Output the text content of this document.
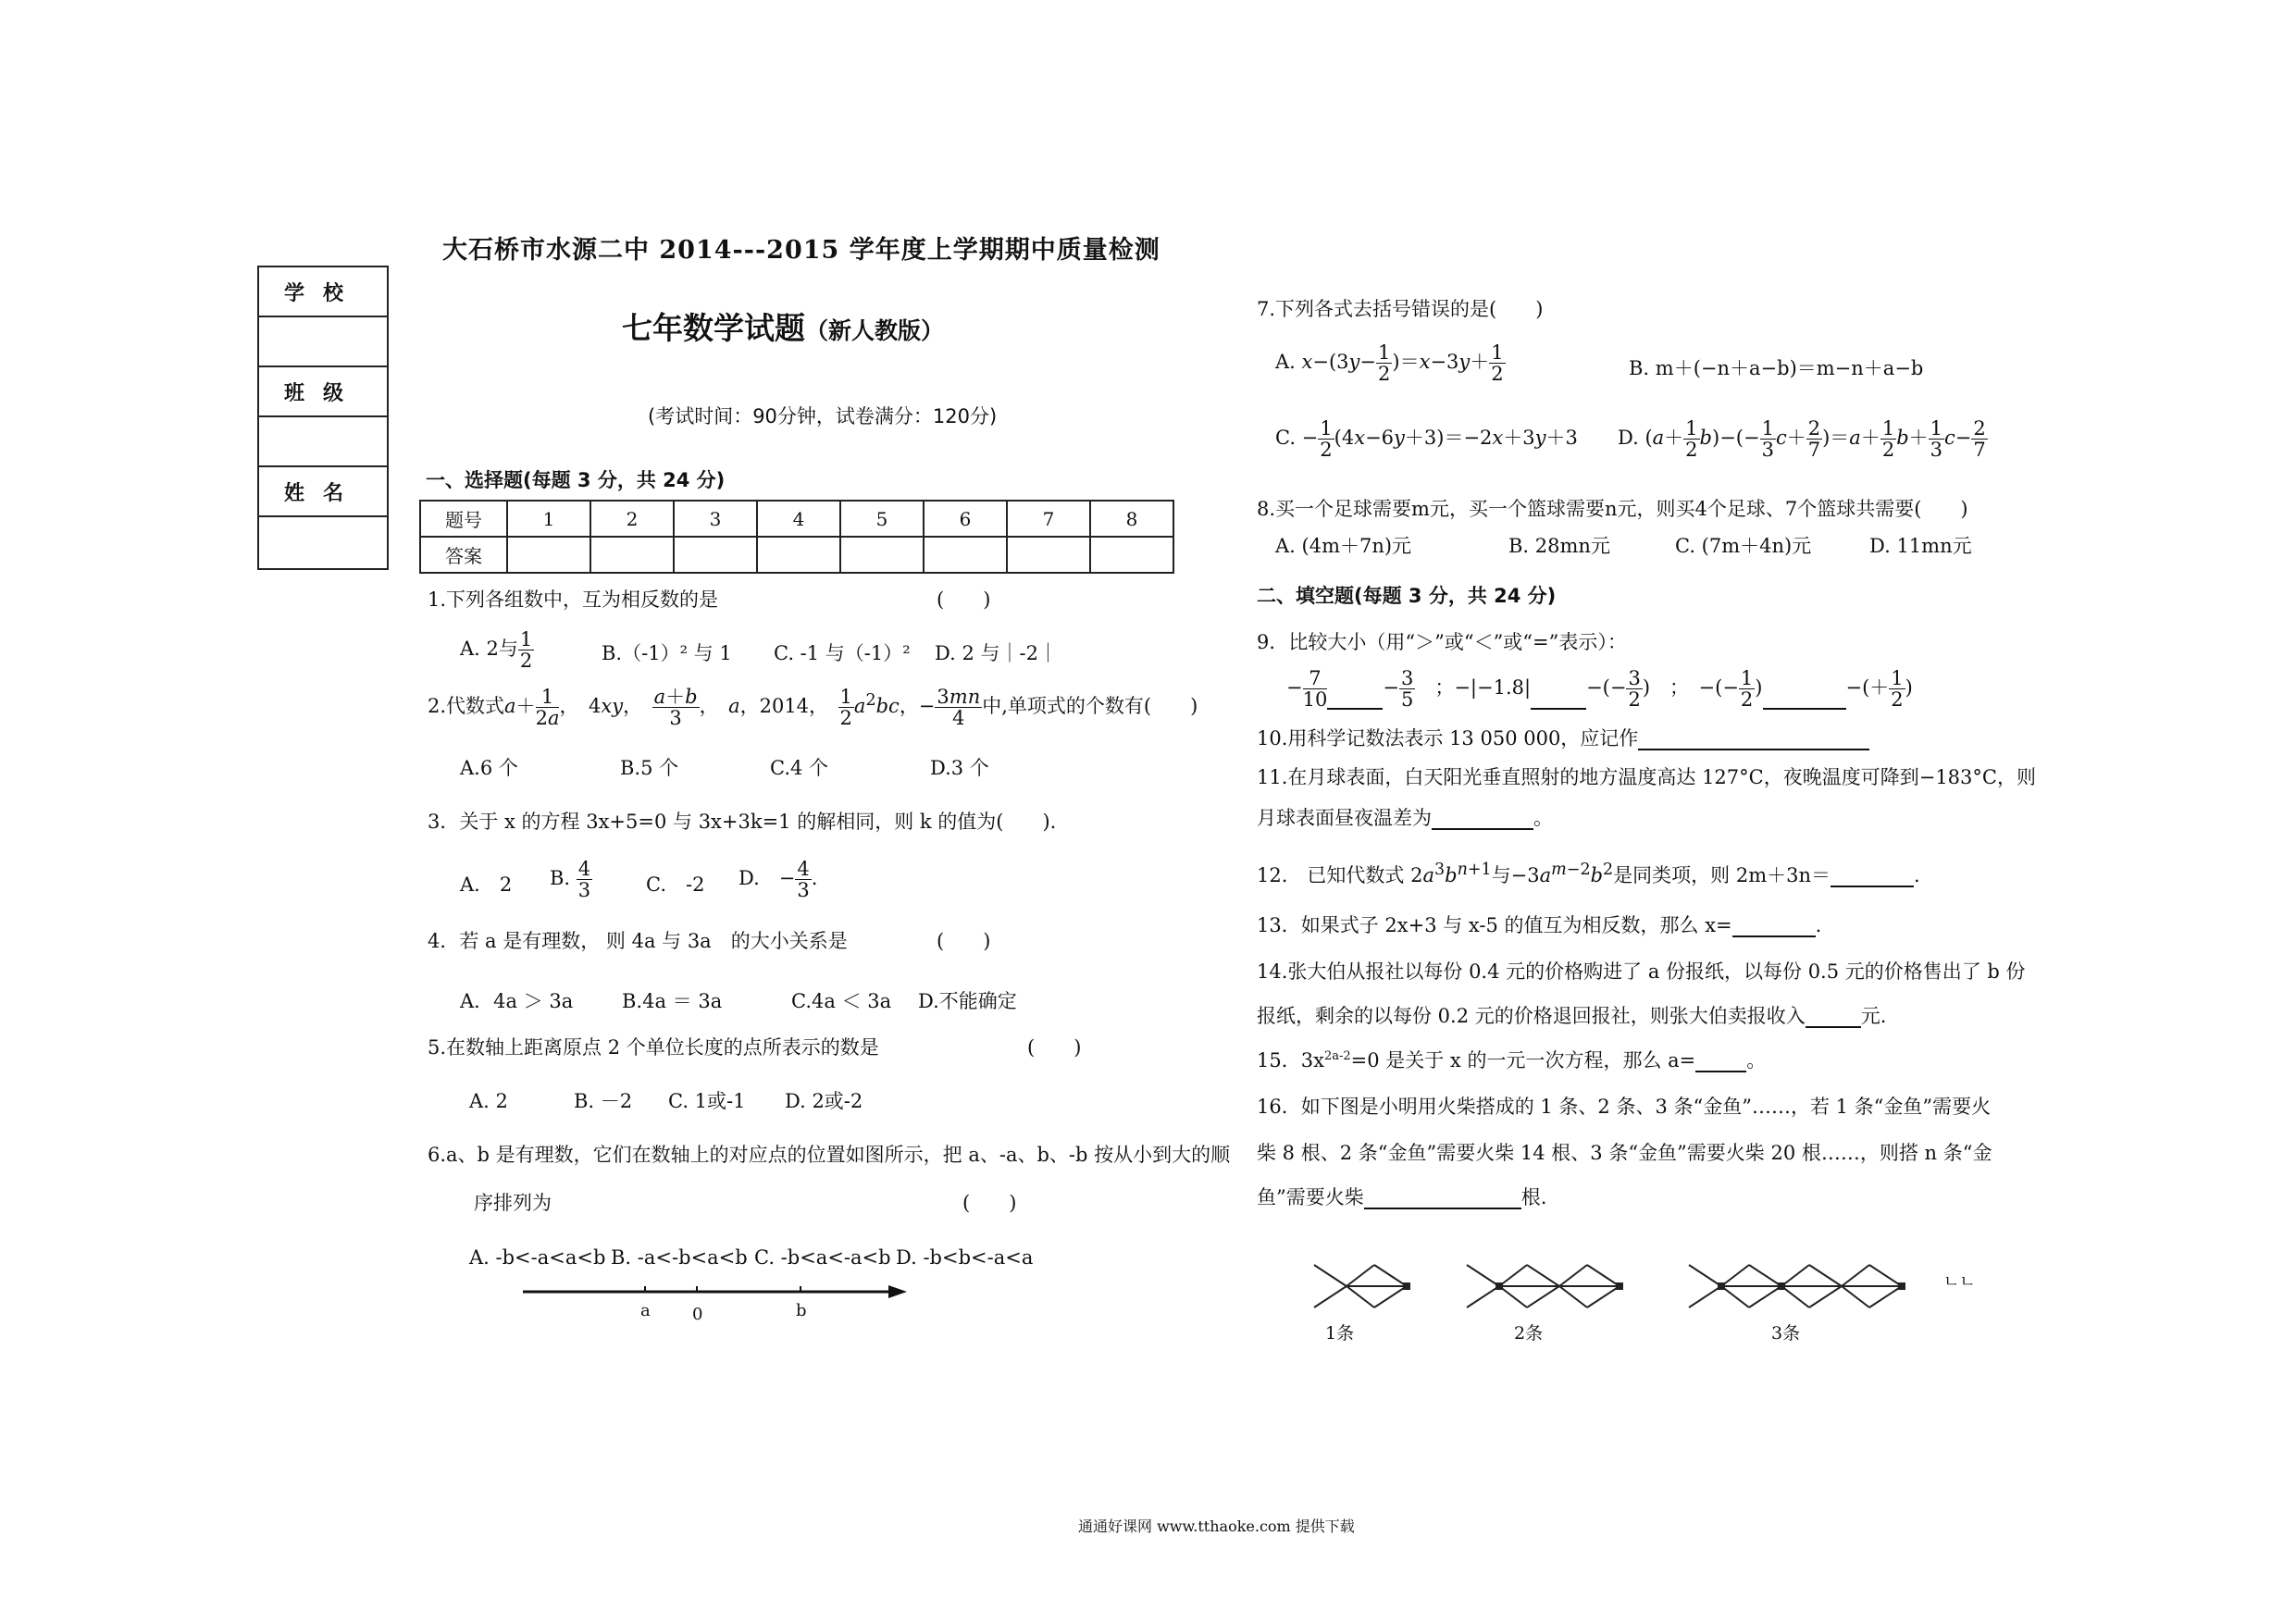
大石桥市水源二中 2014---2015 学年度上学期期中质量检测
七年数学试题（新人教版）
(考试时间：90分钟，试卷满分：120分)
学校
班级
姓名
一、选择题(每题 3 分，共 24 分)
题号	1	2	3	4	5	6	7	8
答案								
1.下列各组数中，互为相反数的是	(　　)
A. 2与 $\frac{1}{2}$	B.（-1）² 与 1 C. -1 与（-1）² D. 2 与｜-2｜
2.代数式$a+ \frac{1}{2a}$ ，　4xy，　 $\frac{a+b}{3}$ ，　a，2014，　 $\frac{1}{2} a^2bc$，− $\frac{3mn}{4}$ 中,单项式的个数有(　　)
A.6 个	B.5 个	C.4 个	D.3 个
3．关于 x 的方程 3x+5=0 与 3x+3k=1 的解相同，则 k 的值为(　　).
A.　2 B. $\frac{4}{3}$	C.　-2 D.　− $\frac{4}{3}$ .
4．若 a 是有理数， 则 4a 与 3a　的大小关系是	(　　)
A．4a ＞ 3a	B.4a ＝ 3a	C.4a ＜ 3a D.不能确定
5.在数轴上距离原点 2 个单位长度的点所表示的数是	(　　)
A. 2	B. －2 C. 1或-1 D. 2或-2
6.a、b 是有理数，它们在数轴上的对应点的位置如图所示，把 a、-a、b、-b 按从小到大的顺
序排列为	(　　)
A. -b<-a<a<b B. -a<-b<a<b C. -b<a<-a<b D. -b<b<-a<a
a	0	b
7.下列各式去括号错误的是(　　)
A. $x-(3y- \frac{1}{2} )=x-3y+ \frac{1}{2}$	B. m＋(−n＋a−b)＝m−n＋a−b
C. − $\frac{1}{2} (4x-6y+3)=-2x+3y+3$ D. $(a+ \frac{1}{2} b)-(- \frac{1}{3} c+ \frac{2}{7} )=a+ \frac{1}{2} b+ \frac{1}{3} c- \frac{2}{7}$
8.买一个足球需要m元，买一个篮球需要n元，则买4个足球、7个篮球共需要(　　)
A. (4m＋7n)元	B. 28mn元	C. (7m＋4n)元	D. 11mn元
二、填空题(每题 3 分，共 24 分)
9．比较大小（用“＞”或“＜”或“=”表示）：
− $\frac{7}{10}$	− $\frac{3}{5}$ 　；−|−1.8|	−(− $\frac{3}{2}$ )　；　−(− $\frac{1}{2}$ )	−(＋ $\frac{1}{2}$ )
10.用科学记数法表示 13 050 000，应记作
11.在月球表面，白天阳光垂直照射的地方温度高达 127°C，夜晚温度可降到−183°C，则
月球表面昼夜温差为	。
12.　已知代数式 $2a^3b^{n+1}$与$-3a^{m-2}b^2$是同类项，则 2m＋3n＝	.
13．如果式子 2x+3 与 x-5 的值互为相反数，那么 x=	.
14.张大伯从报社以每份 0.4 元的价格购进了 a 份报纸，以每份 0.5 元的价格售出了 b 份
报纸，剩余的以每份 0.2 元的价格退回报社，则张大伯卖报收入	元.
15．$3x^{2a-2}=0$ 是关于 x 的一元一次方程，那么 a=	。
16．如下图是小明用火柴搭成的 1 条、2 条、3 条“金鱼”……，若 1 条“金鱼”需要火
柴 8 根、2 条“金鱼”需要火柴 14 根、3 条“金鱼”需要火柴 20 根……，则搭 n 条“金
鱼”需要火柴	根.
1条	2条	3条
ㄴㄴ
通通好课网 www.tthaoke.com 提供下载
